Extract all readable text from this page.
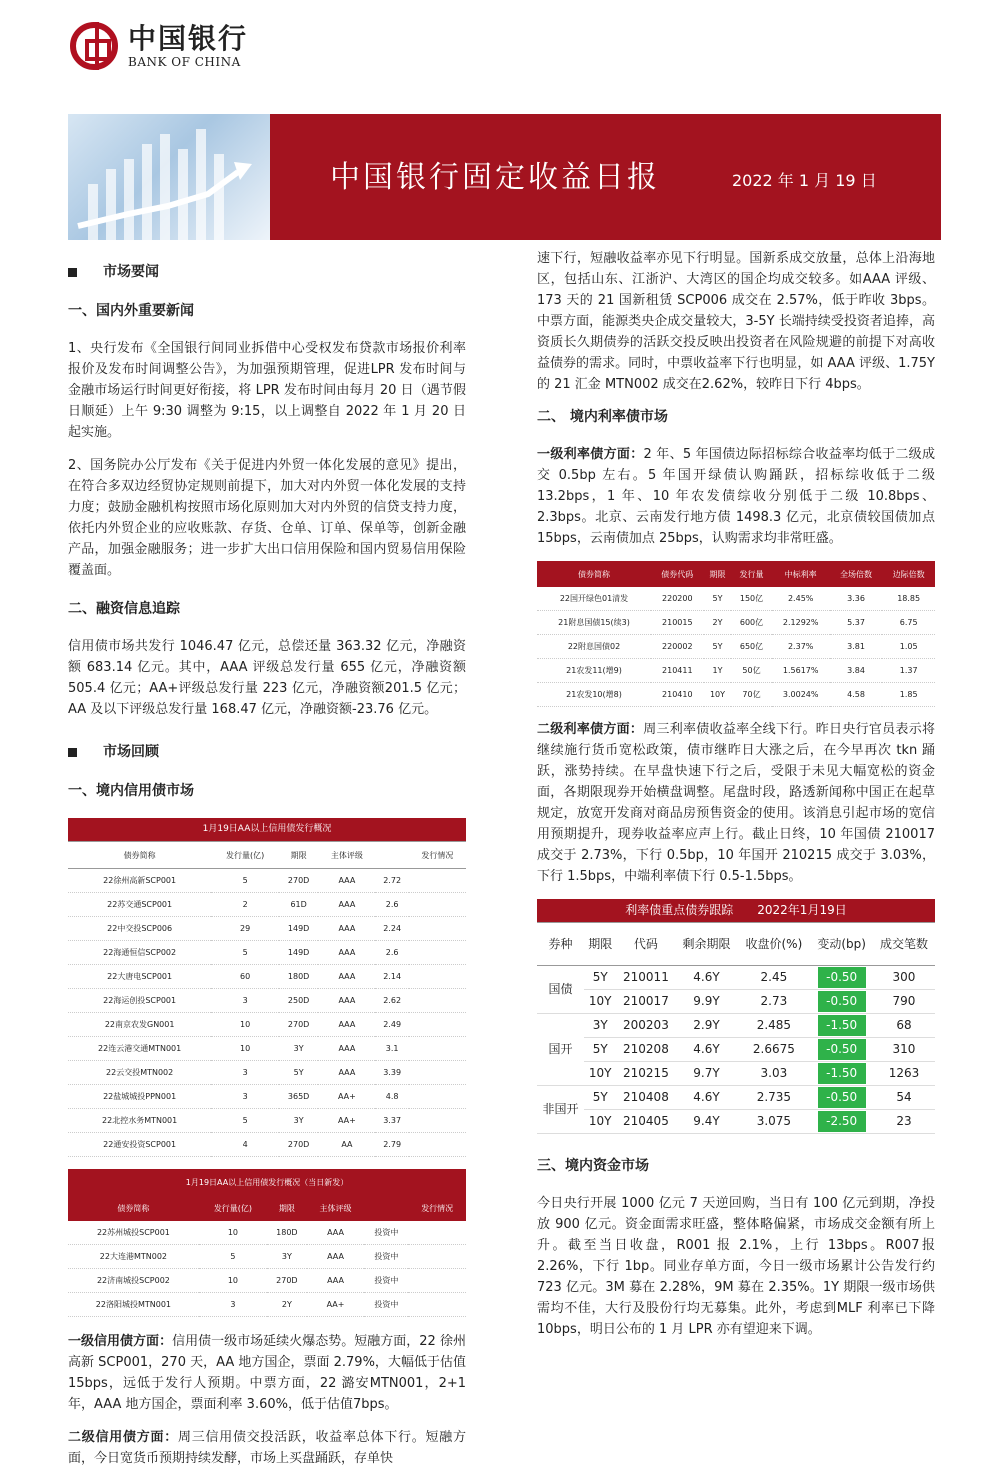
中国银行
BANK OF CHINA
中国银行固定收益日报	2022 年 1 月 19 日
市场要闻
一、国内外重要新闻

1、央行发布《全国银行间同业拆借中心受权发布贷款市场报价利率报价及发布时间调整公告》，为加强预期管理，促进LPR 发布时间与金融市场运行时间更好衔接，将 LPR 发布时间由每月 20 日（遇节假日顺延）上午 9:30 调整为 9:15，以上调整自 2022 年 1 月 20 日起实施。

2、国务院办公厅发布《关于促进内外贸一体化发展的意见》提出，在符合多双边经贸协定规则前提下，加大对内外贸一体化发展的支持力度；鼓励金融机构按照市场化原则加大对内外贸的信贷支持力度，依托内外贸企业的应收账款、存货、仓单、订单、保单等，创新金融产品，加强金融服务；进一步扩大出口信用保险和国内贸易信用保险覆盖面。

二、融资信息追踪

信用债市场共发行 1046.47 亿元，总偿还量 363.32 亿元，净融资额 683.14 亿元。其中，AAA 评级总发行量 655 亿元，净融资额 505.4 亿元；AA+评级总发行量 223 亿元，净融资额201.5 亿元；AA 及以下评级总发行量 168.47 亿元，净融资额-23.76 亿元。

市场回顾
一、境内信用债市场
1月19日AA以上信用债发行概况					
债券简称	发行量(亿)	期限	主体评级		发行情况
22徐州高新SCP001	5	270D	AAA	2.72	
22苏交通SCP001	2	61D	AAA	2.6	
22中交投SCP006	29	149D	AAA	2.24	
22海通恒信SCP002	5	149D	AAA	2.6	
22大唐电SCP001	60	180D	AAA	2.14	
22海运创投SCP001	3	250D	AAA	2.62	
22南京农发GN001	10	270D	AAA	2.49	
22连云港交通MTN001	10	3Y	AAA	3.1	
22云交投MTN002	3	5Y	AAA	3.39	
22盐城城投PPN001	3	365D	AA+	4.8	
22北控水务MTN001	5	3Y	AA+	3.37	
22通安投资SCP001	4	270D	AA	2.79	
1月19日AA以上信用债发行概况（当日新发）					
债券简称	发行量(亿)	期限	主体评级		发行情况
22苏州城投SCP001	10	180D	AAA	投资中	
22大连港MTN002	5	3Y	AAA	投资中	
22济南城投SCP002	10	270D	AAA	投资中	
22洛阳城投MTN001	3	2Y	AA+	投资中	

一级信用债方面：信用债一级市场延续火爆态势。短融方面，22 徐州高新 SCP001，270 天，AA 地方国企，票面 2.79%，大幅低于估值 15bps，远低于发行人预期。中票方面，22 潞安MTN001，2+1 年，AAA 地方国企，票面利率 3.60%，低于估值7bps。

二级信用债方面：周三信用债交投活跃，收益率总体下行。短融方面，今日宽货币预期持续发酵，市场上买盘踊跃，存单快

速下行，短融收益率亦见下行明显。国新系成交放量，总体上沿海地区，包括山东、江浙沪、大湾区的国企均成交较多。如AAA 评级、173 天的 21 国新租赁 SCP006 成交在 2.57%，低于昨收 3bps。中票方面，能源类央企成交量较大，3-5Y 长端持续受投资者追捧，高资质长久期债券的活跃交投反映出投资者在风险规避的前提下对高收益债券的需求。同时，中票收益率下行也明显，如 AAA 评级、1.75Y 的 21 汇金 MTN002 成交在2.62%，较昨日下行 4bps。

二、 境内利率债市场

一级利率债方面：2 年、5 年国债边际招标综合收益率均低于二级成交 0.5bp 左右。5 年国开绿债认购踊跃，招标综收低于二级 13.2bps，1 年、10 年农发债综收分别低于二级 10.8bps、2.3bps。北京、云南发行地方债 1498.3 亿元，北京债较国债加点 15bps，云南债加点 25bps，认购需求均非常旺盛。

债券简称	债券代码	期限	发行量	中标利率	全场倍数	边际倍数
22国开绿色01清发	220200	5Y	150亿	2.45%	3.36	18.85
21附息国债15(续3)	210015	2Y	600亿	2.1292%	5.37	6.75
22附息国债02	220002	5Y	650亿	2.37%	3.81	1.05
21农发11(增9)	210411	1Y	50亿	1.5617%	3.84	1.37
21农发10(增8)	210410	10Y	70亿	3.0024%	4.58	1.85

二级利率债方面：周三利率债收益率全线下行。昨日央行官员表示将继续施行货币宽松政策，债市继昨日大涨之后，在今早再次 tkn 踊跃，涨势持续。在早盘快速下行之后，受限于未见大幅宽松的资金面，各期限现券开始横盘调整。尾盘时段，路透新闻称中国正在起草规定，放宽开发商对商品房预售资金的使用。该消息引起市场的宽信用预期提升，现券收益率应声上行。截止日终，10 年国债 210017 成交于 2.73%，下行 0.5bp，10 年国开 210215 成交于 3.03%，下行 1.5bps，中端利率债下行 0.5-1.5bps。

利率债重点债券跟踪　　2022年1月19日						
券种	期限	代码	剩余期限	收盘价(%)	变动(bp)	成交笔数
国债	5Y	210011	4.6Y	2.45	-0.50	300
	10Y	210017	9.9Y	2.73	-0.50	790
国开	3Y	200203	2.9Y	2.485	-1.50	68
	5Y	210208	4.6Y	2.6675	-0.50	310
	10Y	210215	9.7Y	3.03	-1.50	1263
非国开	5Y	210408	4.6Y	2.735	-0.50	54
	10Y	210405	9.4Y	3.075	-2.50	23
三、境内资金市场

今日央行开展 1000 亿元 7 天逆回购，当日有 100 亿元到期，净投放 900 亿元。资金面需求旺盛，整体略偏紧，市场成交金额有所上升。截至当日收盘，R001 报 2.1%，上行 13bps。R007报 2.26%，下行 1bp。同业存单方面，今日一级市场累计公告发行约 723 亿元。3M 募在 2.28%，9M 募在 2.35%。1Y 期限一级市场供需均不佳，大行及股份行均无募集。此外，考虑到MLF 利率已下降 10bps，明日公布的 1 月 LPR 亦有望迎来下调。
